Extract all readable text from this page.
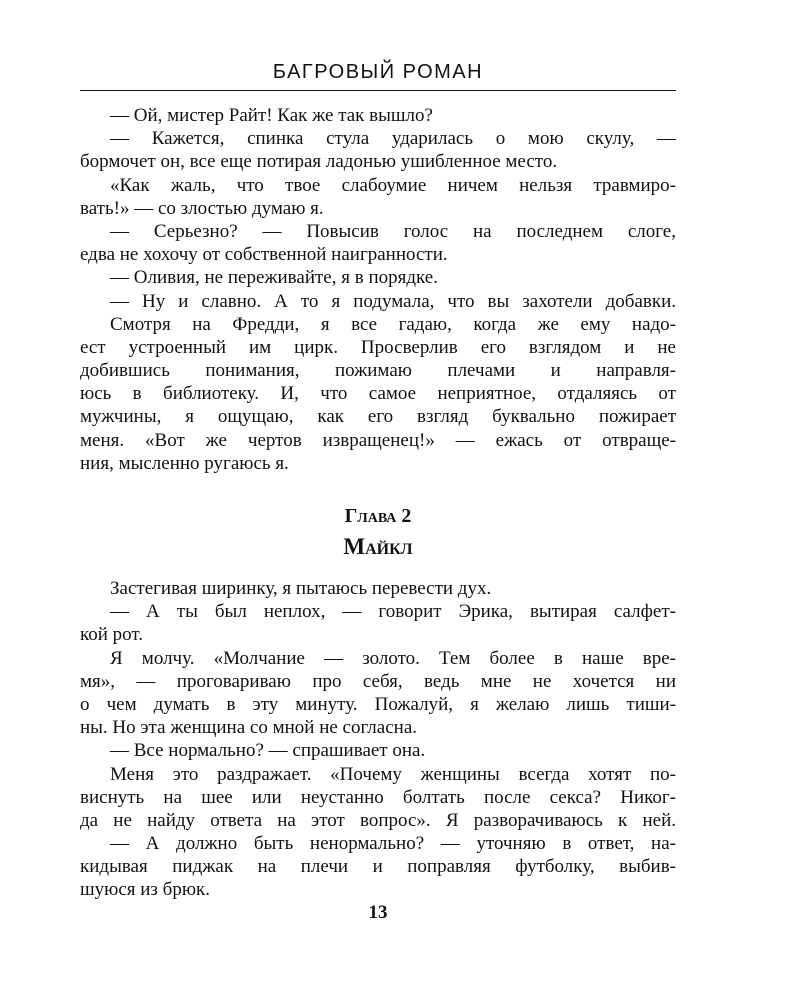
БАГРОВЫЙ РОМАН
— Ой, мистер Райт! Как же так вышло?
— Кажется, спинка стула ударилась о мою скулу, —
бормочет он, все еще потирая ладонью ушибленное место.
«Как жаль, что твое слабоумие ничем нельзя травмиро-
вать!» — со злостью думаю я.
— Серьезно? — Повысив голос на последнем слоге,
едва не хохочу от собственной наигранности.
— Оливия, не переживайте, я в порядке.
— Ну и славно. А то я подумала, что вы захотели добавки.
Смотря на Фредди, я все гадаю, когда же ему надо-
ест устроенный им цирк. Просверлив его взглядом и не
добившись понимания, пожимаю плечами и направля-
юсь в библиотеку. И, что самое неприятное, отдаляясь от
мужчины, я ощущаю, как его взгляд буквально пожирает
меня. «Вот же чертов извращенец!» — ежась от отвраще-
ния, мысленно ругаюсь я.
Глава 2
Майкл
Застегивая ширинку, я пытаюсь перевести дух.
— А ты был неплох, — говорит Эрика, вытирая салфет-
кой рот.
Я молчу. «Молчание — золото. Тем более в наше вре-
мя», — проговариваю про себя, ведь мне не хочется ни
о чем думать в эту минуту. Пожалуй, я желаю лишь тиши-
ны. Но эта женщина со мной не согласна.
— Все нормально? — спрашивает она.
Меня это раздражает. «Почему женщины всегда хотят по-
виснуть на шее или неустанно болтать после секса? Никог-
да не найду ответа на этот вопрос». Я разворачиваюсь к ней.
— А должно быть ненормально? — уточняю в ответ, на-
кидывая пиджак на плечи и поправляя футболку, выбив-
шуюся из брюк.
13
